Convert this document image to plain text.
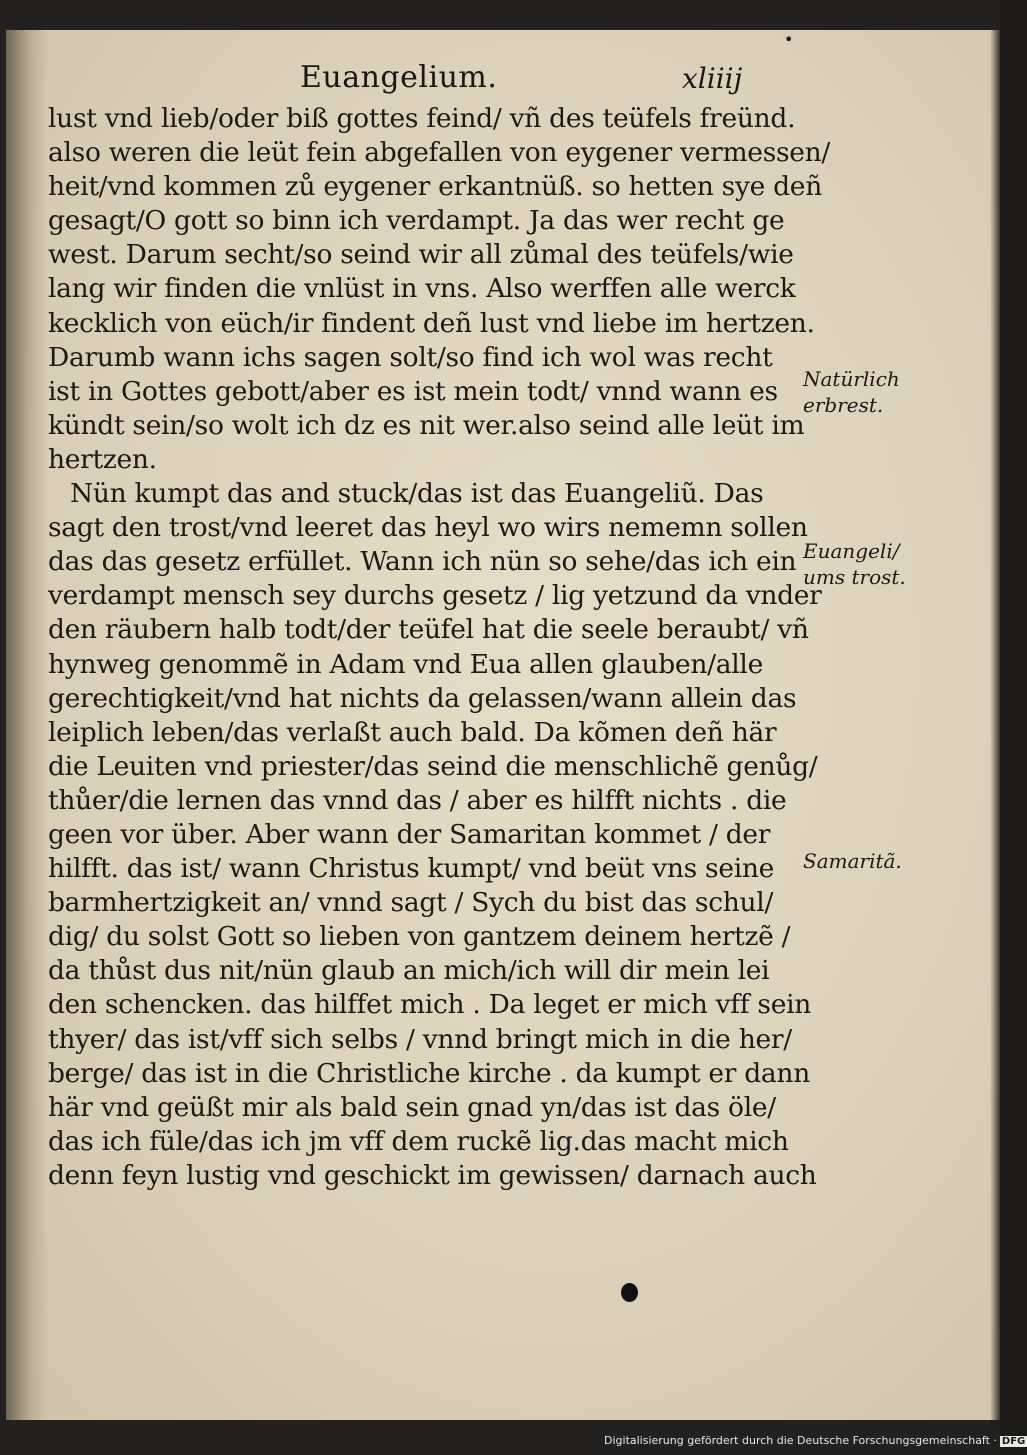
•
Euangelium.	xliiij
lust vnd lieb/oder biß gottes feind/ vñ des teüfels freünd.
also weren die leüt fein abgefallen von eygener vermessen/
heit/vnd kommen zů eygener erkantnüß. so hetten sye deñ
gesagt/O gott so binn ich verdampt. Ja das wer recht ge
west. Darum secht/so seind wir all zůmal des teüfels/wie
lang wir finden die vnlüst in vns. Also werffen alle werck
kecklich von eüch/ir findent deñ lust vnd liebe im hertzen.
Darumb wann ichs sagen solt/so find ich wol was recht
ist in Gottes gebott/aber es ist mein todt/ vnnd wann es
kündt sein/so wolt ich dz es nit wer.also seind alle leüt im
hertzen.
Nün kumpt das and stuck/das ist das Euangeliũ. Das
sagt den trost/vnd leeret das heyl wo wirs nememn sollen
das das gesetz erfüllet. Wann ich nün so sehe/das ich ein
verdampt mensch sey durchs gesetz / lig yetzund da vnder
den räubern halb todt/der teüfel hat die seele beraubt/ vñ
hynweg genommẽ in Adam vnd Eua allen glauben/alle
gerechtigkeit/vnd hat nichts da gelassen/wann allein das
leiplich leben/das verlaßt auch bald. Da kõmen deñ här
die Leuiten vnd priester/das seind die menschlichẽ genůg/
thůer/die lernen das vnnd das / aber es hilfft nichts . die
geen vor über. Aber wann der Samaritan kommet / der
hilfft. das ist/ wann Christus kumpt/ vnd beüt vns seine
barmhertzigkeit an/ vnnd sagt / Sych du bist das schul/
dig/ du solst Gott so lieben von gantzem deinem hertzẽ /
da thůst dus nit/nün glaub an mich/ich will dir mein lei
den schencken. das hilffet mich . Da leget er mich vff sein
thyer/ das ist/vff sich selbs / vnnd bringt mich in die her/
berge/ das ist in die Christliche kirche . da kumpt er dann
här vnd geüßt mir als bald sein gnad yn/das ist das öle/
das ich füle/das ich jm vff dem ruckẽ lig.das macht mich
denn feyn lustig vnd geschickt im gewissen/ darnach auch
Natürlich
erbrest.
Euangeli/
ums trost.
Samaritã.
Digitalisierung gefördert durch die Deutsche Forschungsgemeinschaft · DFG
